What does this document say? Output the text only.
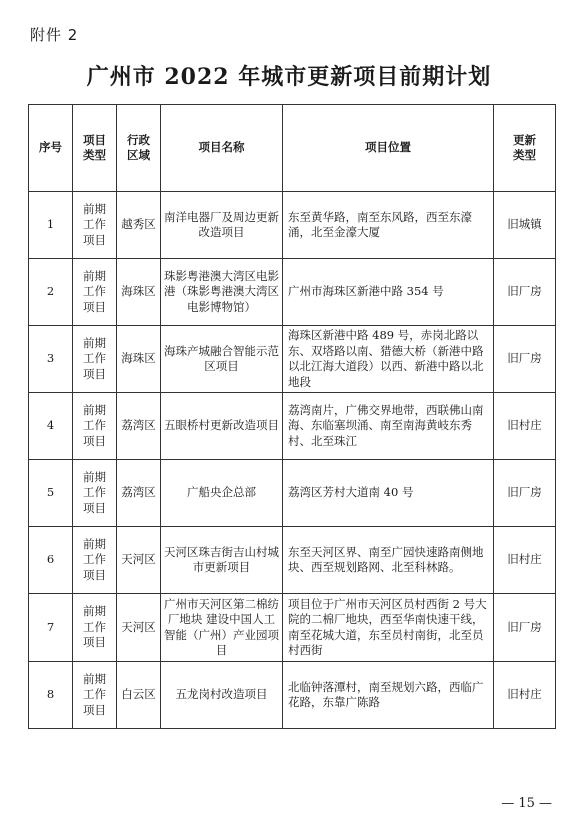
附件 2
广州市 2022 年城市更新项目前期计划
序号	项目类型	行政区域	项目名称	项目位置	更新类型
1	前期工作项目	越秀区	南洋电器厂及周边更新改造项目	东至黄华路，南至东风路，西至东濠涌，北至金濠大厦	旧城镇
2	前期工作项目	海珠区	珠影粤港澳大湾区电影港（珠影粤港澳大湾区电影博物馆）	广州市海珠区新港中路 354 号	旧厂房
3	前期工作项目	海珠区	海珠产城融合智能示范区项目	海珠区新港中路 489 号，赤岗北路以东、双塔路以南、猎德大桥（新港中路以北江海大道段）以西、新港中路以北地段	旧厂房
4	前期工作项目	荔湾区	五眼桥村更新改造项目	荔湾南片，广佛交界地带，西联佛山南海、东临塞坝涌、南至南海黄岐东秀村、北至珠江	旧村庄
5	前期工作项目	荔湾区	广船央企总部	荔湾区芳村大道南 40 号	旧厂房
6	前期工作项目	天河区	天河区珠吉街吉山村城市更新项目	东至天河区界、南至广园快速路南侧地块、西至规划路网、北至科林路。	旧村庄
7	前期工作项目	天河区	广州市天河区第二棉纺厂地块 建设中国人工智能（广州）产业园项目	项目位于广州市天河区员村西街 2 号大院的二棉厂地块，西至华南快速干线，南至花城大道，东至员村南街，北至员村西街	旧厂房
8	前期工作项目	白云区	五龙岗村改造项目	北临钟落潭村，南至规划六路，西临广花路，东靠广陈路	旧村庄
— 15 —
